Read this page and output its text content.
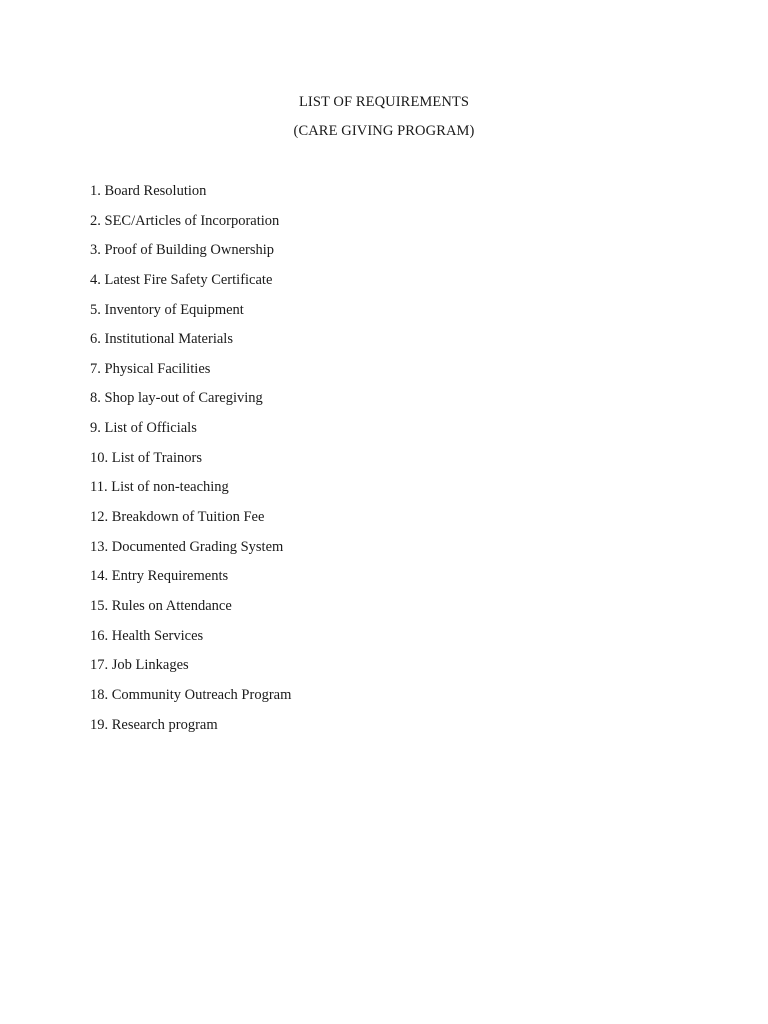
LIST OF REQUIREMENTS
(CARE GIVING PROGRAM)
1. Board Resolution
2. SEC/Articles of Incorporation
3. Proof of Building Ownership
4. Latest Fire Safety Certificate
5. Inventory of Equipment
6. Institutional Materials
7. Physical Facilities
8. Shop lay-out of Caregiving
9. List of Officials
10. List of Trainors
11. List of non-teaching
12. Breakdown of Tuition Fee
13. Documented Grading System
14. Entry Requirements
15. Rules on Attendance
16. Health Services
17. Job Linkages
18. Community Outreach Program
19. Research program
